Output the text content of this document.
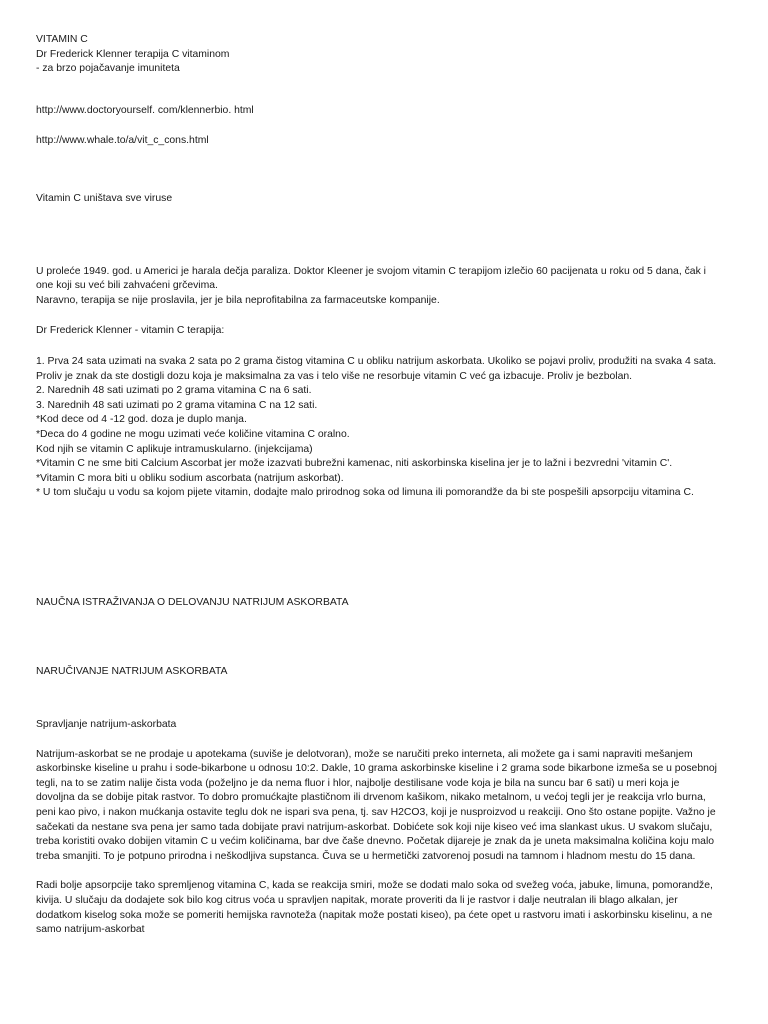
VITAMIN C
Dr Frederick Klenner terapija C vitaminom
- za brzo pojačavanje imuniteta
http://www.doctoryourself. com/klennerbio. html
http://www.whale.to/a/vit_c_cons.html
Vitamin C uništava sve viruse
U proleće 1949. god. u Americi je harala dečja paraliza. Doktor Kleener je svojom vitamin C terapijom izlečio 60 pacijenata u roku od 5 dana, čak i
one koji su već bili zahvaćeni grčevima.
Naravno, terapija se nije proslavila, jer je bila neprofitabilna za farmaceutske kompanije.
Dr Frederick Klenner - vitamin C terapija:
1. Prva 24 sata uzimati na svaka 2 sata po 2 grama čistog vitamina C u obliku natrijum askorbata. Ukoliko se pojavi proliv, produžiti na svaka 4 sata.
Proliv je znak da ste dostigli dozu koja je maksimalna za vas i telo više ne resorbuje vitamin C već ga izbacuje. Proliv je bezbolan.
2. Narednih 48 sati uzimati po 2 grama vitamina C na 6 sati.
3. Narednih 48 sati uzimati po 2 grama vitamina C na 12 sati.
*Kod dece od 4 -12 god. doza je duplo manja.
*Deca do 4 godine ne mogu uzimati veće količine vitamina C oralno.
Kod njih se vitamin C aplikuje intramuskularno. (injekcijama)
*Vitamin C ne sme biti Calcium Ascorbat jer može izazvati bubrežni kamenac, niti askorbinska kiselina jer je to lažni i bezvredni 'vitamin C'.
*Vitamin C mora biti u obliku sodium ascorbata (natrijum askorbat).
* U tom slučaju u vodu sa kojom pijete vitamin, dodajte malo prirodnog soka od limuna ili pomorandže da bi ste pospešili apsorpciju vitamina C.
NAUČNA ISTRAŽIVANJA O DELOVANJU NATRIJUM ASKORBATA
NARUČIVANJE NATRIJUM ASKORBATA
Spravljanje natrijum-askorbata
Natrijum-askorbat se ne prodaje u apotekama (suviše je delotvoran), može se naručiti preko interneta, ali možete ga i sami napraviti mešanjem
askorbinske kiseline u prahu i sode-bikarbone u odnosu 10:2. Dakle, 10 grama askorbinske kiseline i 2 grama sode bikarbone izmeša se u posebnoj
tegli, na to se zatim nalije čista voda (poželjno je da nema fluor i hlor, najbolje destilisane vode koja je bila na suncu bar 6 sati) u meri koja je
dovoljna da se dobije pitak rastvor. To dobro promućkajte plastičnom ili drvenom kašikom, nikako metalnom, u većoj tegli jer je reakcija vrlo burna,
peni kao pivo, i nakon mućkanja ostavite teglu dok ne ispari sva pena, tj. sav H2CO3, koji je nusproizvod u reakciji. Ono što ostane popijte. Važno je
sačekati da nestane sva pena jer samo tada dobijate pravi natrijum-askorbat. Dobićete sok koji nije kiseo već ima slankast ukus. U svakom slučaju,
treba koristiti ovako dobijen vitamin C u većim količinama, bar dve čaše dnevno. Početak dijareje je znak da je uneta maksimalna količina koju malo
treba smanjiti. To je potpuno prirodna i neškodljiva supstanca. Čuva se u hermetički zatvorenoj posudi na tamnom i hladnom mestu do 15 dana.
Radi bolje apsorpcije tako spremljenog vitamina C, kada se reakcija smiri, može se dodati malo soka od svežeg voća, jabuke, limuna, pomorandže,
kivija. U slučaju da dodajete sok bilo kog citrus voća u spravljen napitak, morate proveriti da li je rastvor i dalje neutralan ili blago alkalan, jer
dodatkom kiselog soka može se pomeriti hemijska ravnoteža (napitak može postati kiseo), pa ćete opet u rastvoru imati i askorbinsku kiselinu, a ne
samo natrijum-askorbat
